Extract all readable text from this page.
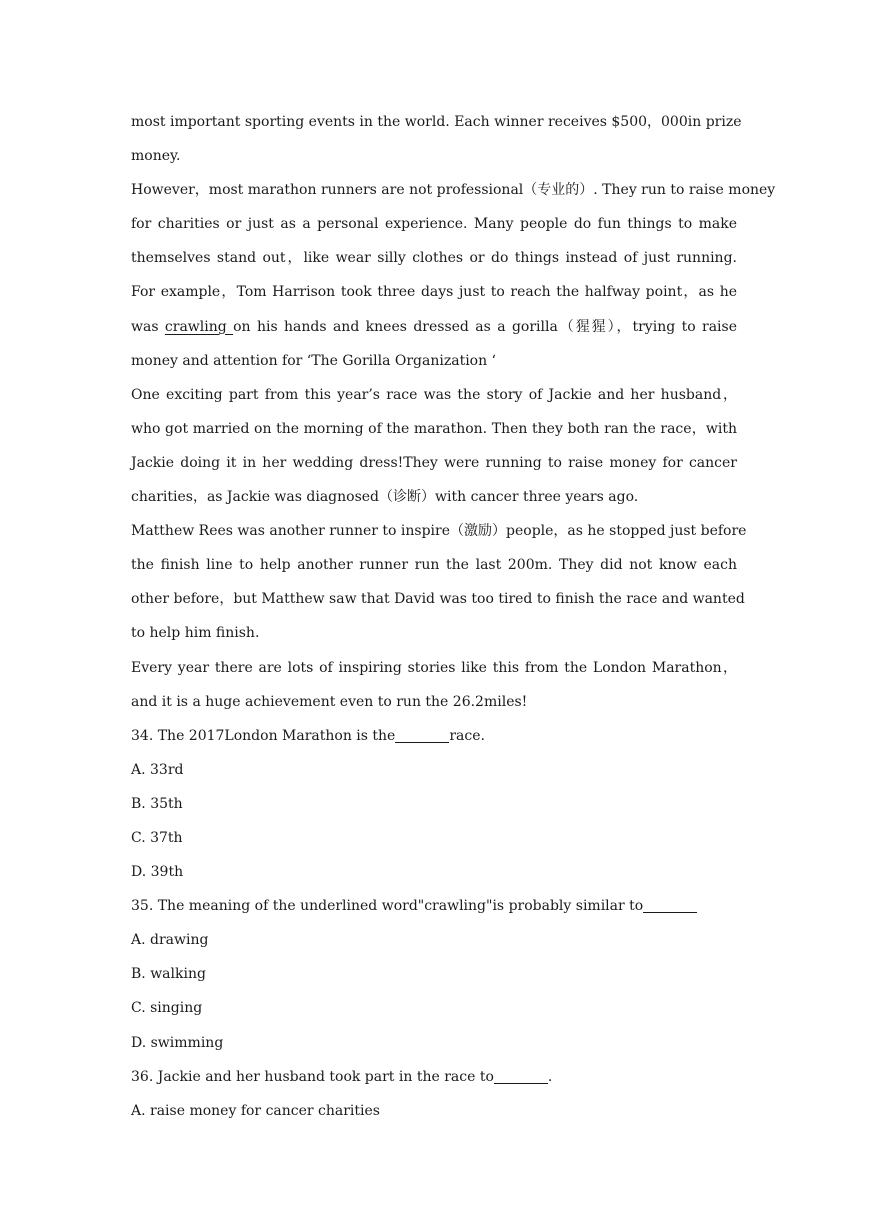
most important sporting events in the world. Each winner receives $500，000in prize
money.
However，most marathon runners are not professional（专业的）. They run to raise money
for charities or just as a personal experience. Many people do fun things to make
themselves stand out，like wear silly clothes or do things instead of just running.
For example，Tom Harrison took three days just to reach the halfway point，as he
was crawling on his hands and knees dressed as a gorilla（猩猩），trying to raise
money and attention for ‘The Gorilla Organization ‘
One exciting part from this year’s race was the story of Jackie and her husband，
who got married on the morning of the marathon. Then they both ran the race，with
Jackie doing it in her wedding dress!They were running to raise money for cancer
charities，as Jackie was diagnosed（诊断）with cancer three years ago.
Matthew Rees was another runner to inspire（激励）people，as he stopped just before
the finish line to help another runner run the last 200m. They did not know each
other before，but Matthew saw that David was too tired to finish the race and wanted
to help him finish.
Every year there are lots of inspiring stories like this from the London Marathon，
and it is a huge achievement even to run the 26.2miles!
34. The 2017London Marathon is the	race.
A. 33rd
B. 35th
C. 37th
D. 39th
35. The meaning of the underlined word"crawling"is probably similar to
A. drawing
B. walking
C. singing
D. swimming
36. Jackie and her husband took part in the race to	.
A. raise money for cancer charities
